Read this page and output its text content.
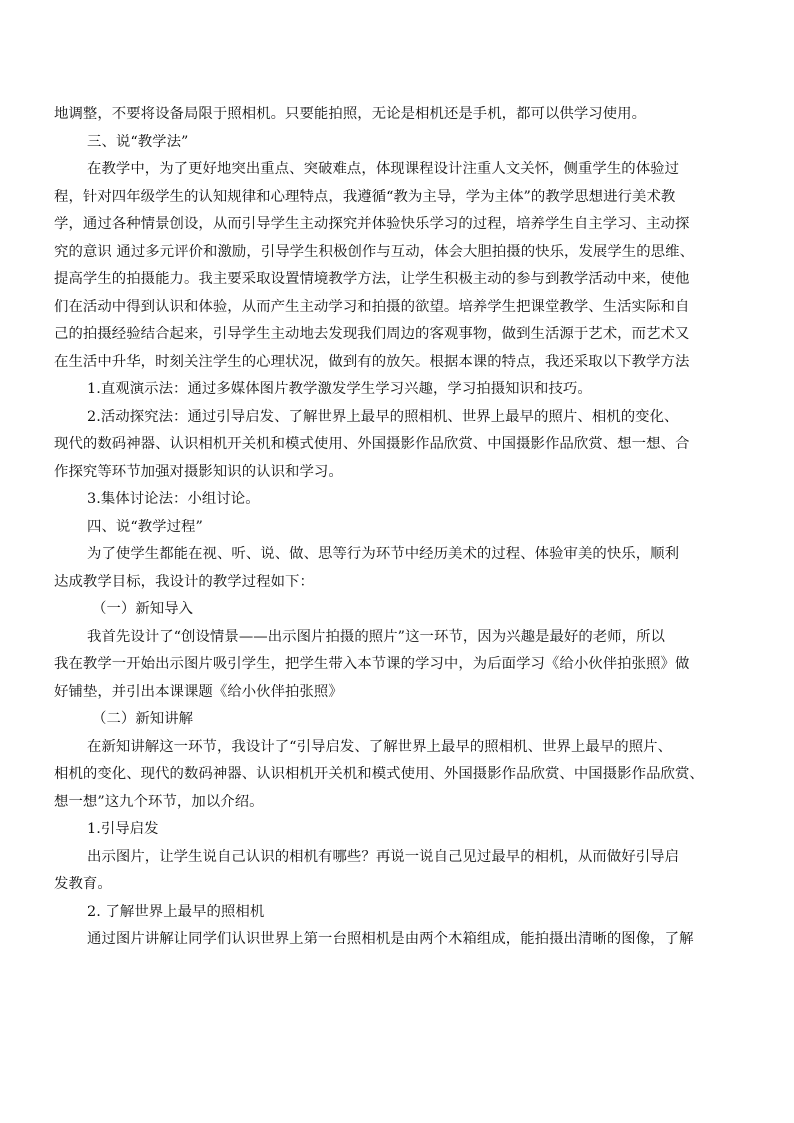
地调整，不要将设备局限于照相机。只要能拍照，无论是相机还是手机，都可以供学习使用。
三、说“教学法”
在教学中，为了更好地突出重点、突破难点，体现课程设计注重人文关怀，侧重学生的体验过
程，针对四年级学生的认知规律和心理特点，我遵循“教为主导，学为主体”的教学思想进行美术教
学，通过各种情景创设，从而引导学生主动探究并体验快乐学习的过程，培养学生自主学习、主动探
究的意识 通过多元评价和激励，引导学生积极创作与互动，体会大胆拍摄的快乐，发展学生的思维、
提高学生的拍摄能力。我主要采取设置情境教学方法，让学生积极主动的参与到教学活动中来，使他
们在活动中得到认识和体验，从而产生主动学习和拍摄的欲望。培养学生把课堂教学、生活实际和自
己的拍摄经验结合起来，引导学生主动地去发现我们周边的客观事物，做到生活源于艺术，而艺术又
在生活中升华，时刻关注学生的心理状况，做到有的放矢。根据本课的特点，我还采取以下教学方法
1.直观演示法：通过多媒体图片教学激发学生学习兴趣，学习拍摄知识和技巧。
2.活动探究法：通过引导启发、了解世界上最早的照相机、世界上最早的照片、相机的变化、
现代的数码神器、认识相机开关机和模式使用、外国摄影作品欣赏、中国摄影作品欣赏、想一想、合
作探究等环节加强对摄影知识的认识和学习。
3.集体讨论法：小组讨论。
四、说“教学过程”
为了使学生都能在视、听、说、做、思等行为环节中经历美术的过程、体验审美的快乐，顺利
达成教学目标，我设计的教学过程如下：
（一）新知导入
我首先设计了“创设情景——出示图片拍摄的照片”这一环节，因为兴趣是最好的老师，所以
我在教学一开始出示图片吸引学生，把学生带入本节课的学习中，为后面学习《给小伙伴拍张照》做
好铺垫，并引出本课课题《给小伙伴拍张照》
（二）新知讲解
在新知讲解这一环节，我设计了“引导启发、了解世界上最早的照相机、世界上最早的照片、
相机的变化、现代的数码神器、认识相机开关机和模式使用、外国摄影作品欣赏、中国摄影作品欣赏、
想一想”这九个环节，加以介绍。
1.引导启发
出示图片，让学生说自己认识的相机有哪些？再说一说自己见过最早的相机，从而做好引导启
发教育。
2. 了解世界上最早的照相机
通过图片讲解让同学们认识世界上第一台照相机是由两个木箱组成，能拍摄出清晰的图像，了解
